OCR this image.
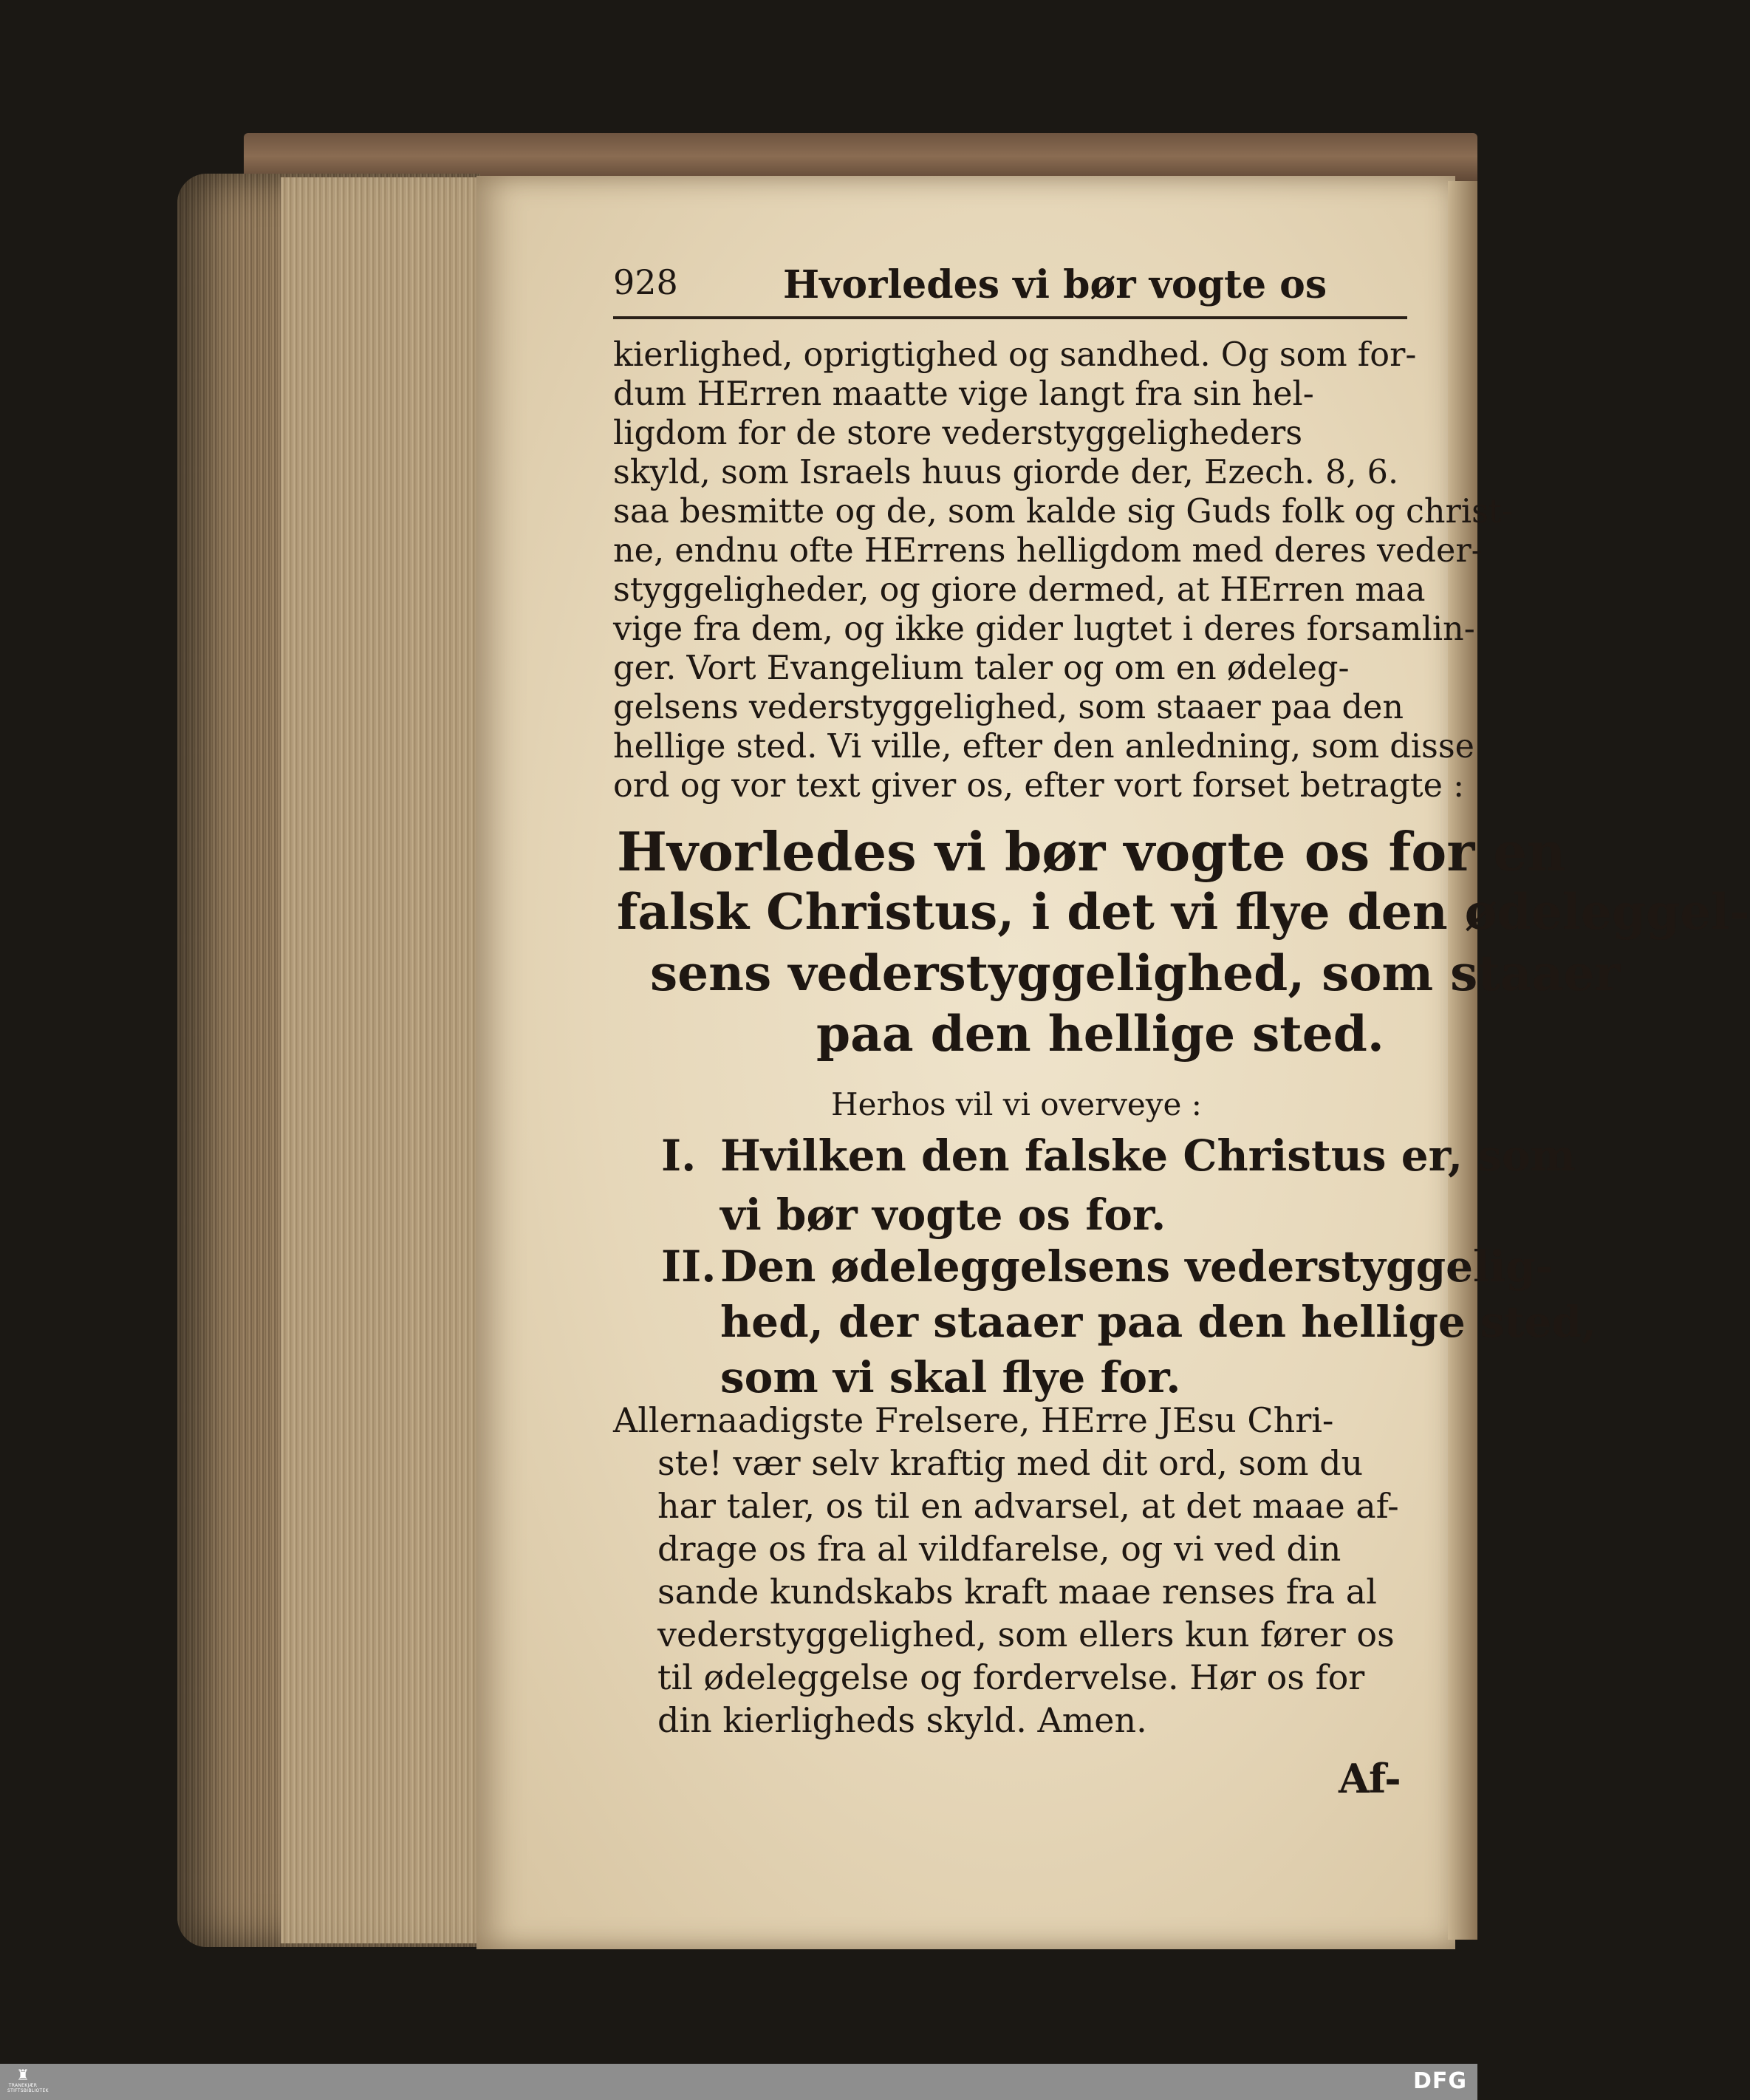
928	Hvorledes vi bør vogte os
kierlighed, oprigtighed og sandhed. Og som for-
dum HErren maatte vige langt fra sin hel-
ligdom for de store vederstyggeligheders
skyld, som Israels huus giorde der, Ezech. 8, 6.
saa besmitte og de, som kalde sig Guds folk og christ-
ne, endnu ofte HErrens helligdom med deres veder-
styggeligheder, og giore dermed, at HErren maa
vige fra dem, og ikke gider lugtet i deres forsamlin-
ger. Vort Evangelium taler og om en ødeleg-
gelsens vederstyggelighed, som staaer paa den
hellige sted. Vi ville, efter den anledning, som disse
ord og vor text giver os, efter vort forset betragte :
Hvorledes vi bør vogte os for en
falsk Christus, i det vi flye den ødeleggel-
sens vederstyggelighed, som staaer
paa den hellige sted.
Herhos vil vi overveye :
I. Hvilken den falske Christus er, som
vi bør vogte os for.
II. Den ødeleggelsens vederstyggelig-
hed, der staaer paa den hellige sted,
som vi skal flye for.
Allernaadigste Frelsere, HErre JEsu Chri-
ste! vær selv kraftig med dit ord, som du
har taler, os til en advarsel, at det maae af-
drage os fra al vildfarelse, og vi ved din
sande kundskabs kraft maae renses fra al
vederstyggelighed, som ellers kun fører os
til ødeleggelse og fordervelse. Hør os for
din kierligheds skyld. Amen.
Af-
♜
TRANEKJÆR STIFTSBIBLIOTEK	DFG
